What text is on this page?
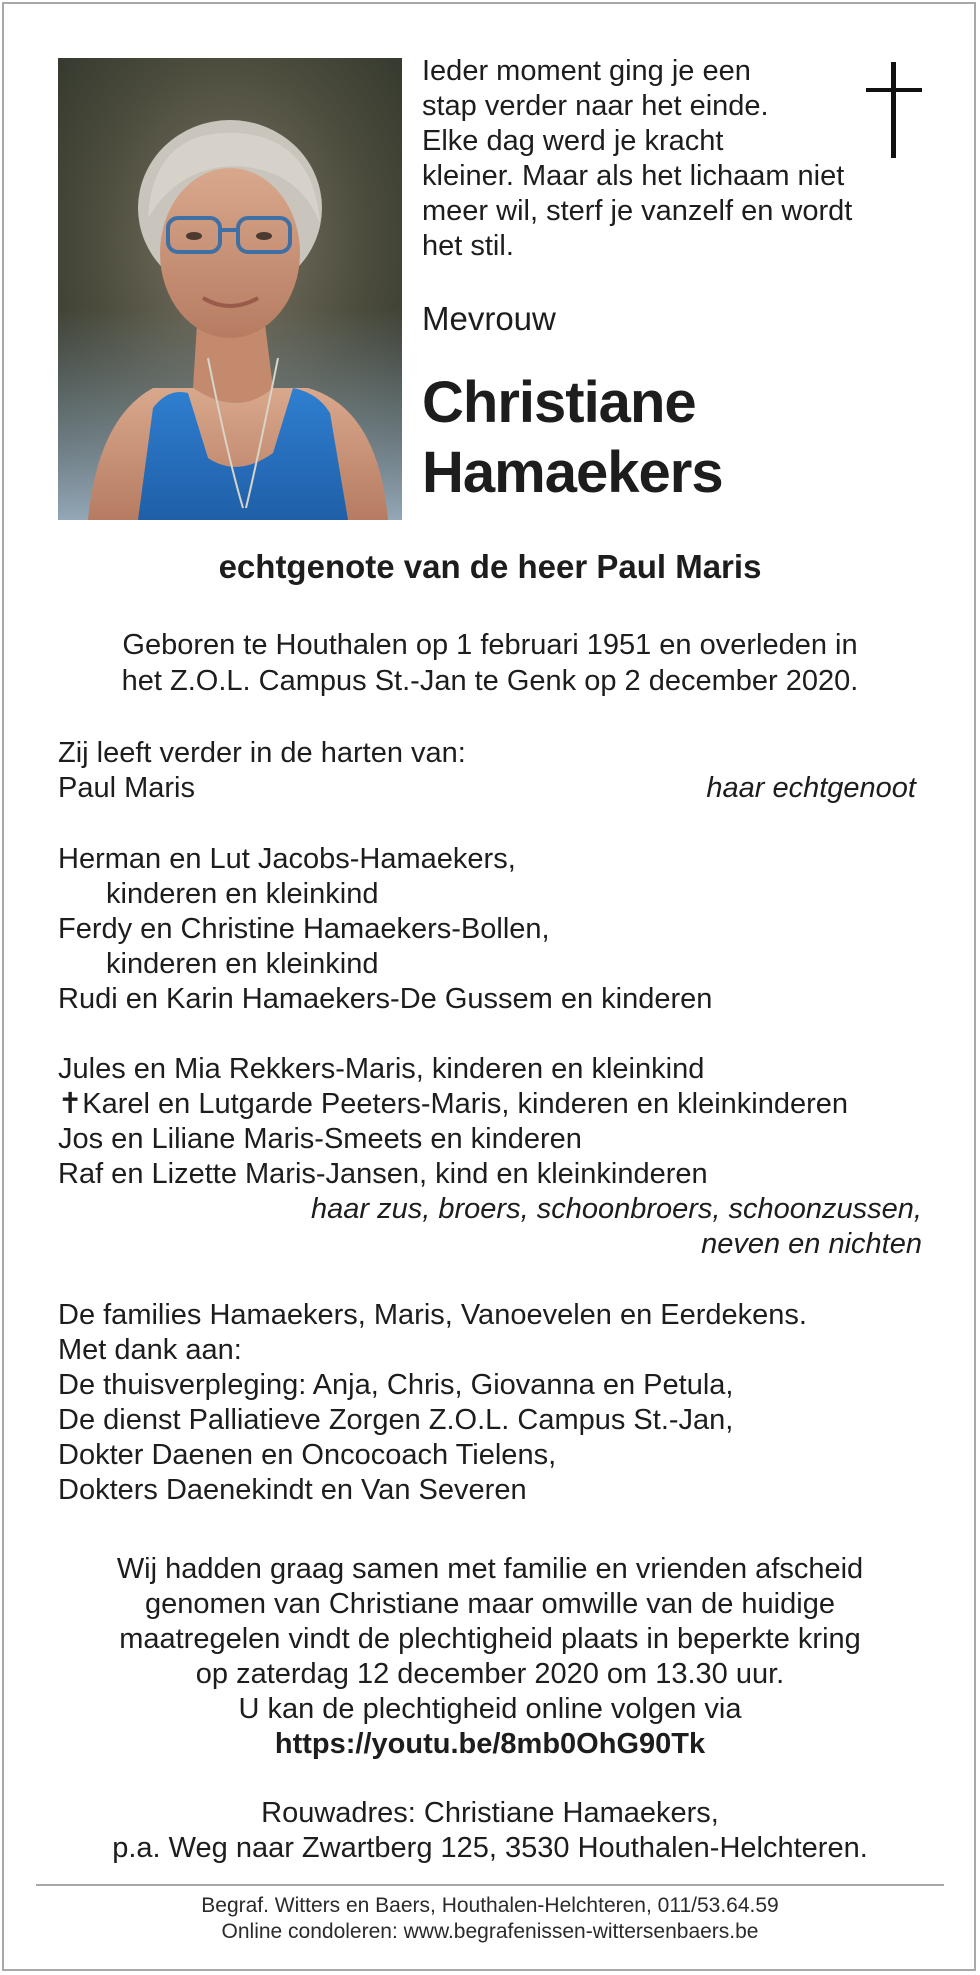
Ieder moment ging je een
stap verder naar het einde.
Elke dag werd je kracht
kleiner. Maar als het lichaam niet
meer wil, sterf je vanzelf en wordt
het stil.
Mevrouw
Christiane
Hamaekers
echtgenote van de heer Paul Maris
Geboren te Houthalen op 1 februari 1951 en overleden in
het Z.O.L. Campus St.-Jan te Genk op 2 december 2020.
Zij leeft verder in de harten van:
Paul Maris	haar echtgenoot
Herman en Lut Jacobs-Hamaekers,
kinderen en kleinkind
Ferdy en Christine Hamaekers-Bollen,
kinderen en kleinkind
Rudi en Karin Hamaekers-De Gussem en kinderen
Jules en Mia Rekkers-Maris, kinderen en kleinkind
✝Karel en Lutgarde Peeters-Maris, kinderen en kleinkinderen
Jos en Liliane Maris-Smeets en kinderen
Raf en Lizette Maris-Jansen, kind en kleinkinderen
haar zus, broers, schoonbroers, schoonzussen,
neven en nichten
De families Hamaekers, Maris, Vanoevelen en Eerdekens.
Met dank aan:
De thuisverpleging: Anja, Chris, Giovanna en Petula,
De dienst Palliatieve Zorgen Z.O.L. Campus St.-Jan,
Dokter Daenen en Oncocoach Tielens,
Dokters Daenekindt en Van Severen
Wij hadden graag samen met familie en vrienden afscheid
genomen van Christiane maar omwille van de huidige
maatregelen vindt de plechtigheid plaats in beperkte kring
op zaterdag 12 december 2020 om 13.30 uur.
U kan de plechtigheid online volgen via
https://youtu.be/8mb0OhG90Tk
Rouwadres: Christiane Hamaekers,
p.a. Weg naar Zwartberg 125, 3530 Houthalen-Helchteren.
Begraf. Witters en Baers, Houthalen-Helchteren, 011/53.64.59
Online condoleren: www.begrafenissen-wittersenbaers.be
